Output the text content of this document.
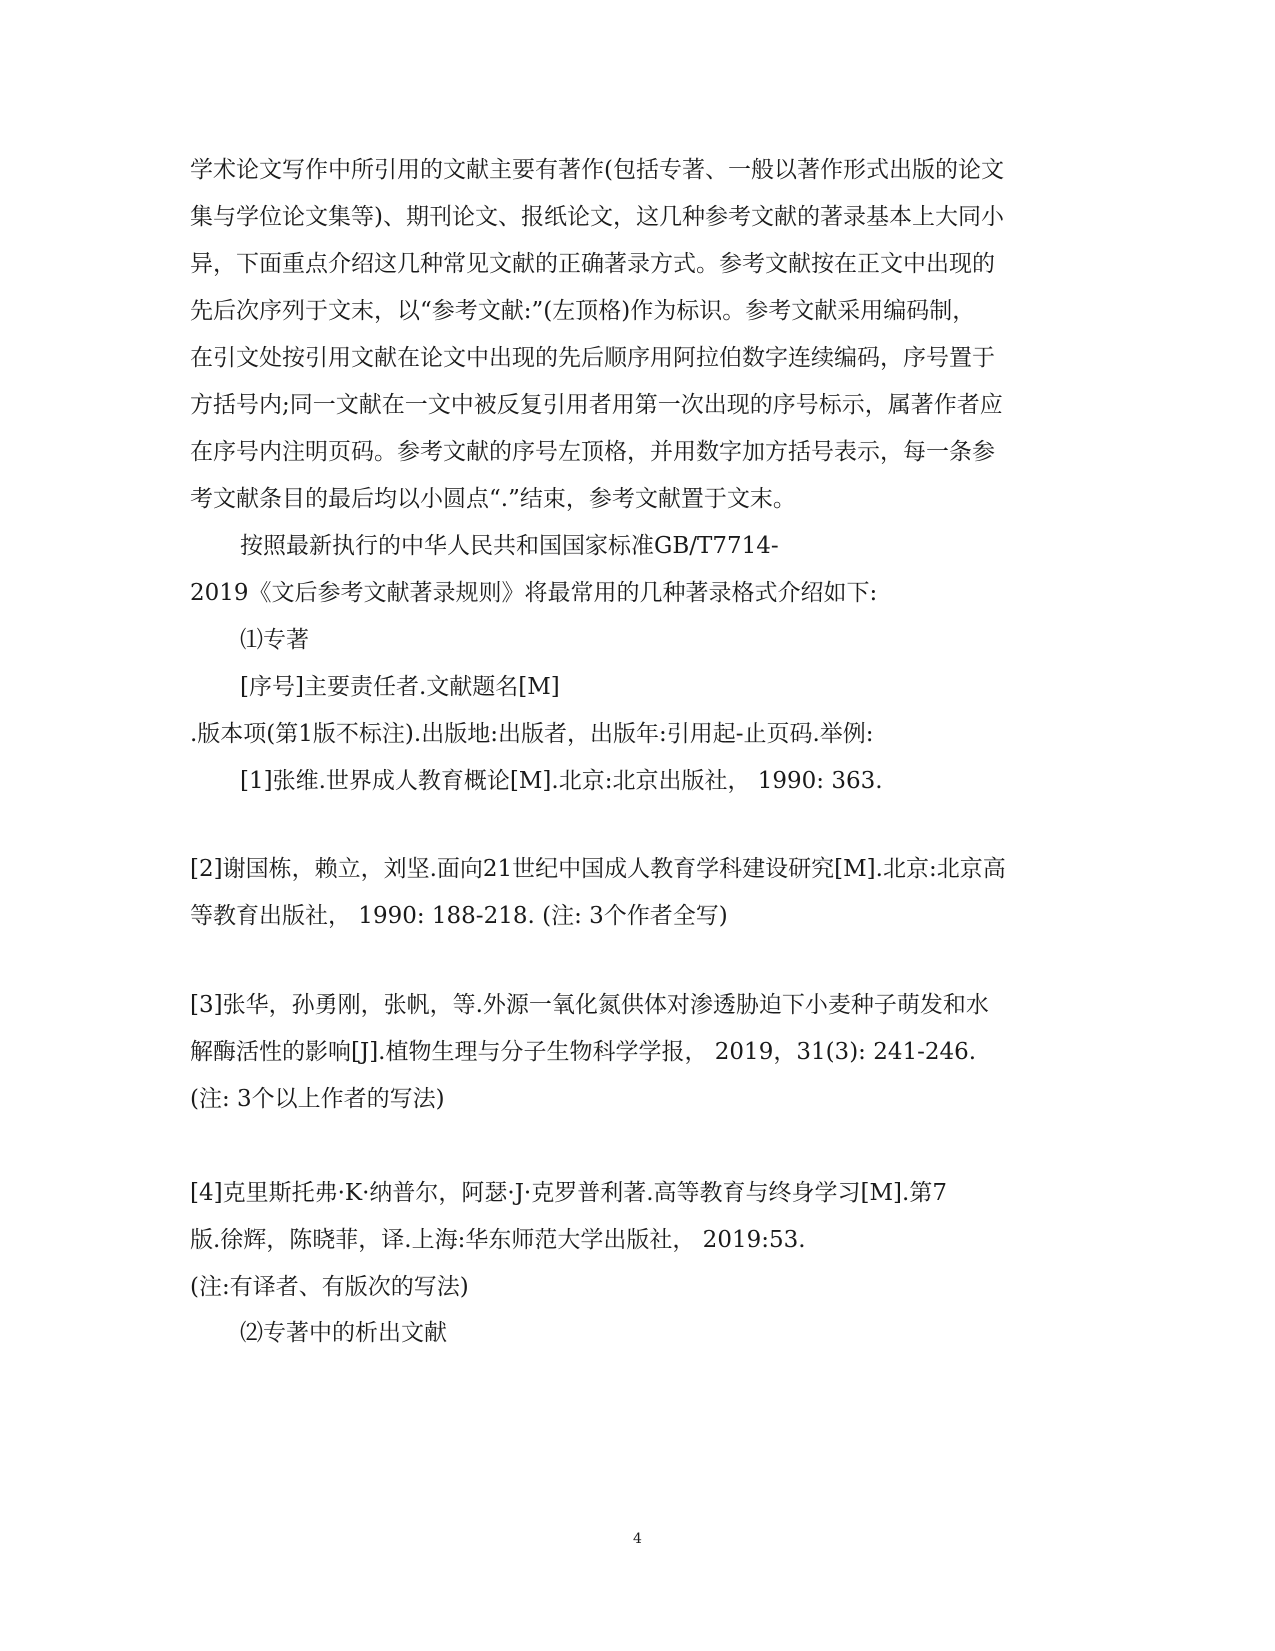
学术论文写作中所引用的文献主要有著作(包括专著、一般以著作形式出版的论文

集与学位论文集等)、期刊论文、报纸论文，这几种参考文献的著录基本上大同小

异，下面重点介绍这几种常见文献的正确著录方式。参考文献按在正文中出现的

先后次序列于文末，以“参考文献:”(左顶格)作为标识。参考文献采用编码制，

在引文处按引用文献在论文中出现的先后顺序用阿拉伯数字连续编码，序号置于

方括号内;同一文献在一文中被反复引用者用第一次出现的序号标示，属著作者应

在序号内注明页码。参考文献的序号左顶格，并用数字加方括号表示，每一条参

考文献条目的最后均以小圆点“.”结束，参考文献置于文末。

按照最新执行的中华人民共和国国家标准GB/T7714-

2019《文后参考文献著录规则》将最常用的几种著录格式介绍如下:

⑴专著

[序号]主要责任者.文献题名[M]

.版本项(第1版不标注).出版地:出版者，出版年:引用起-止页码.举例:

[1]张维.世界成人教育概论[M].北京:北京出版社， 1990: 363.

[2]谢国栋，赖立，刘坚.面向21世纪中国成人教育学科建设研究[M].北京:北京高

等教育出版社， 1990: 188-218. (注: 3个作者全写)

[3]张华，孙勇刚，张帆，等.外源一氧化氮供体对渗透胁迫下小麦种子萌发和水

解酶活性的影响[J].植物生理与分子生物科学学报， 2019，31(3): 241-246.

(注: 3个以上作者的写法)

[4]克里斯托弗·K·纳普尔，阿瑟·J·克罗普利著.高等教育与终身学习[M].第7

版.徐辉，陈晓菲，译.上海:华东师范大学出版社， 2019:53.

(注:有译者、有版次的写法)

⑵专著中的析出文献

4
